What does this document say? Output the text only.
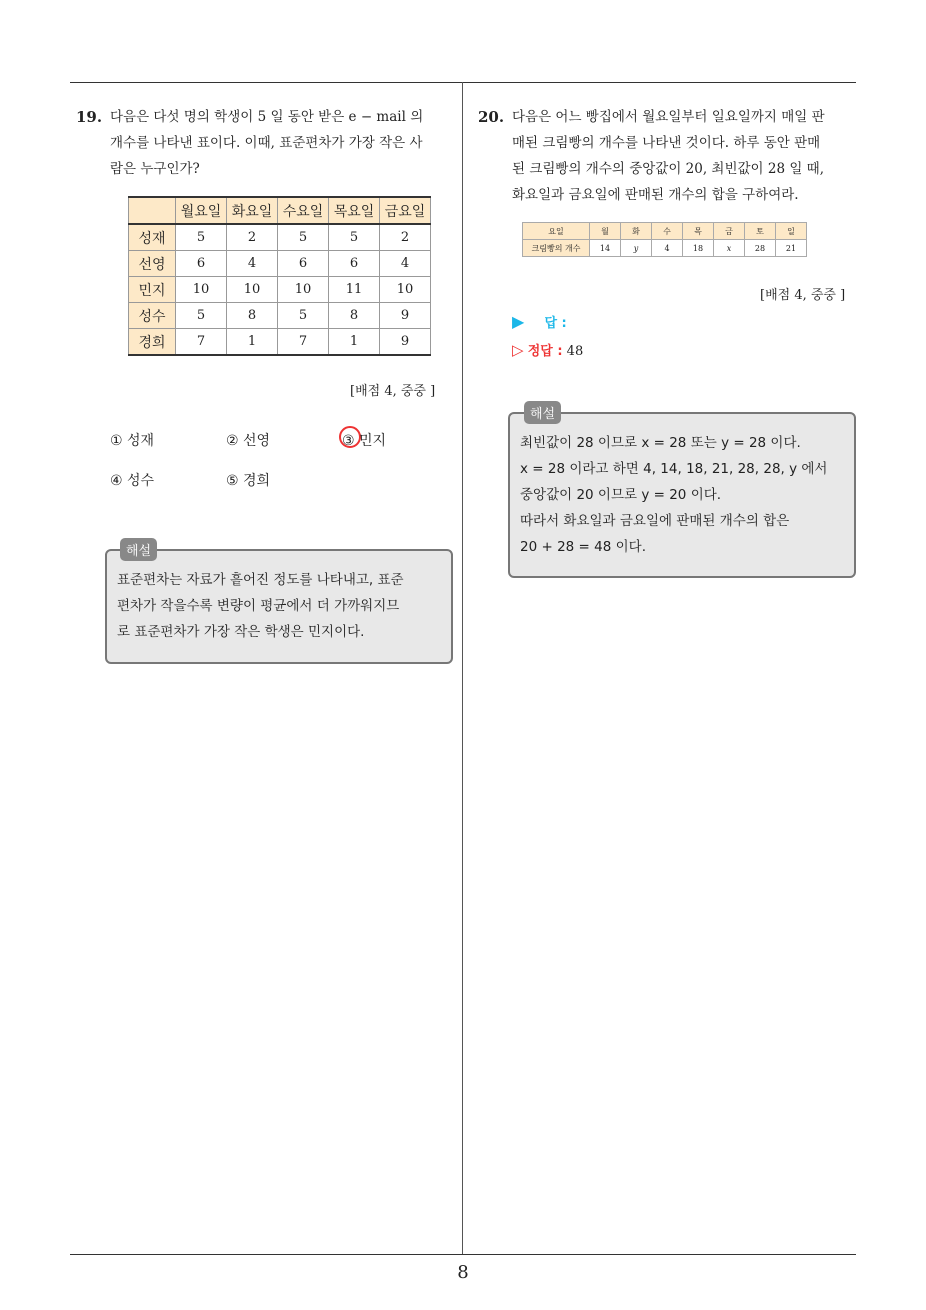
8
19. 다음은 다섯 명의 학생이 5 일 동안 받은 e − mail 의
개수를 나타낸 표이다. 이때, 표준편차가 가장 작은 사
람은 누구인가?
	월요일	화요일	수요일	목요일	금요일
성재	5	2	5	5	2
선영	6	4	6	6	4
민지	10	10	10	11	10
성수	5	8	5	8	9
경희	7	1	7	1	9
[배점 4, 중중 ]
① 성재	② 선영	③ 민지
④ 성수	⑤ 경희
표준편차는 자료가 흩어진 정도를 나타내고, 표준
편차가 작을수록 변량이 평균에서 더 가까워지므
로 표준편차가 가장 작은 학생은 민지이다.
해설
20. 다음은 어느 빵집에서 월요일부터 일요일까지 매일 판
매된 크림빵의 개수를 나타낸 것이다. 하루 동안 판매
된 크림빵의 개수의 중앙값이 20, 최빈값이 28 일 때,
화요일과 금요일에 판매된 개수의 합을 구하여라.
요일	월	화	수	목	금	토	일
크림빵의 개수	14	y	4	18	x	28	21
[배점 4, 중중 ]
▶ 답 :
▷ 정답 : 48
최빈값이 28 이므로 x = 28 또는 y = 28 이다.
x = 28 이라고 하면 4, 14, 18, 21, 28, 28, y 에서
중앙값이 20 이므로 y = 20 이다.
따라서 화요일과 금요일에 판매된 개수의 합은
20 + 28 = 48 이다.
해설
